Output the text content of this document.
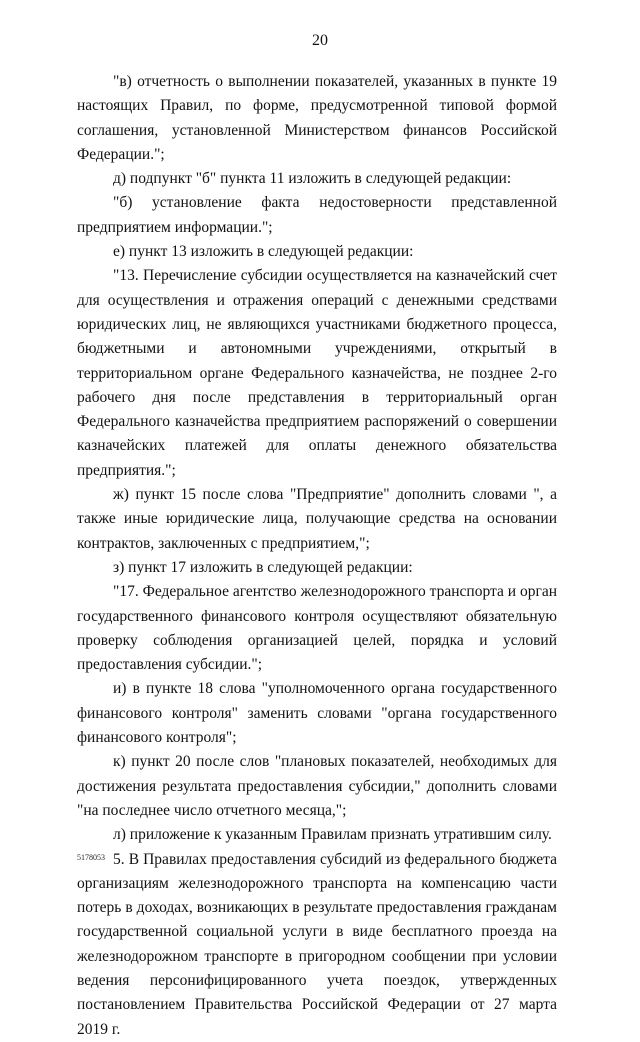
20

"в) отчетность о выполнении показателей, указанных в пункте 19 настоящих Правил, по форме, предусмотренной типовой формой соглашения, установленной Министерством финансов Российской Федерации.";

д) подпункт "б" пункта 11 изложить в следующей редакции:

"б) установление факта недостоверности представленной предприятием информации.";

е) пункт 13 изложить в следующей редакции:

"13. Перечисление субсидии осуществляется на казначейский счет для осуществления и отражения операций с денежными средствами юридических лиц, не являющихся участниками бюджетного процесса, бюджетными и автономными учреждениями, открытый в территориальном органе Федерального казначейства, не позднее 2-го рабочего дня после представления в территориальный орган Федерального казначейства предприятием распоряжений о совершении казначейских платежей для оплаты денежного обязательства предприятия.";

ж) пункт 15 после слова "Предприятие" дополнить словами ", а также иные юридические лица, получающие средства на основании контрактов, заключенных с предприятием,";

з) пункт 17 изложить в следующей редакции:

"17. Федеральное агентство железнодорожного транспорта и орган государственного финансового контроля осуществляют обязательную проверку соблюдения организацией целей, порядка и условий предоставления субсидии.";

и) в пункте 18 слова "уполномоченного органа государственного финансового контроля" заменить словами "органа государственного финансового контроля";

к) пункт 20 после слов "плановых показателей, необходимых для достижения результата предоставления субсидии," дополнить словами "на последнее число отчетного месяца,";

л) приложение к указанным Правилам признать утратившим силу.

5. В Правилах предоставления субсидий из федерального бюджета организациям железнодорожного транспорта на компенсацию части потерь в доходах, возникающих в результате предоставления гражданам государственной социальной услуги в виде бесплатного проезда на железнодорожном транспорте в пригородном сообщении при условии ведения персонифицированного учета поездок, утвержденных постановлением Правительства Российской Федерации от 27 марта 2019 г.

5178053
